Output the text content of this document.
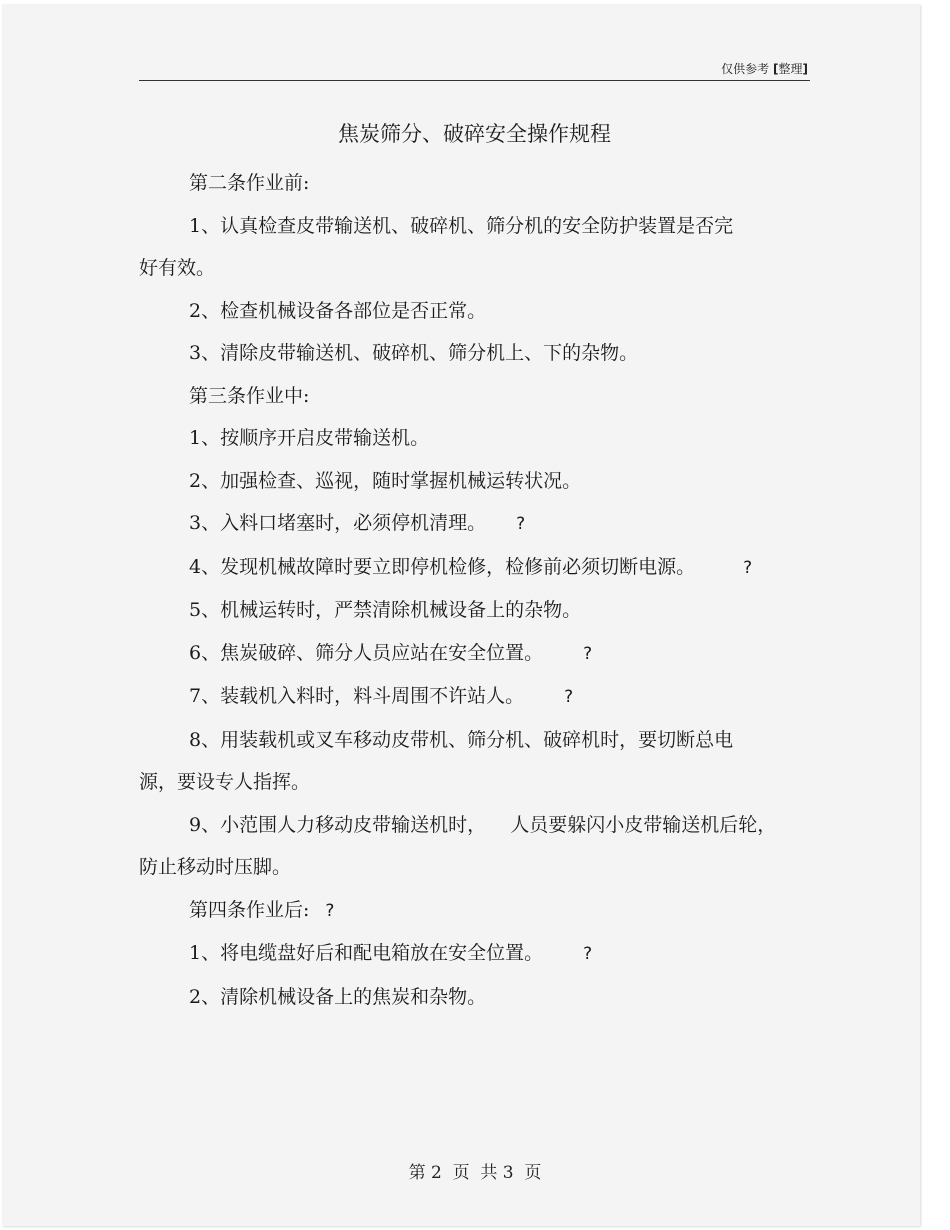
仅供参考 [整理]
焦炭筛分、破碎安全操作规程

第二条作业前:

1、认真检查皮带输送机、破碎机、筛分机的安全防护装置是否完

好有效。

2、检查机械设备各部位是否正常。

3、清除皮带输送机、破碎机、筛分机上、下的杂物。

第三条作业中:

1、按顺序开启皮带输送机。

2、加强检查、巡视，随时掌握机械运转状况。

3、入料口堵塞时，必须停机清理。 ?

4、发现机械故障时要立即停机检修，检修前必须切断电源。	?

5、机械运转时，严禁清除机械设备上的杂物。

6、焦炭破碎、筛分人员应站在安全位置。 ?

7、装载机入料时，料斗周围不许站人。 ?

8、用装载机或叉车移动皮带机、筛分机、破碎机时，要切断总电

源，要设专人指挥。

9、小范围人力移动皮带输送机时，    人员要躲闪小皮带输送机后轮，

防止移动时压脚。

第四条作业后: ?

1、将电缆盘好后和配电箱放在安全位置。 ?

2、清除机械设备上的焦炭和杂物。

第 2  页  共 3  页
